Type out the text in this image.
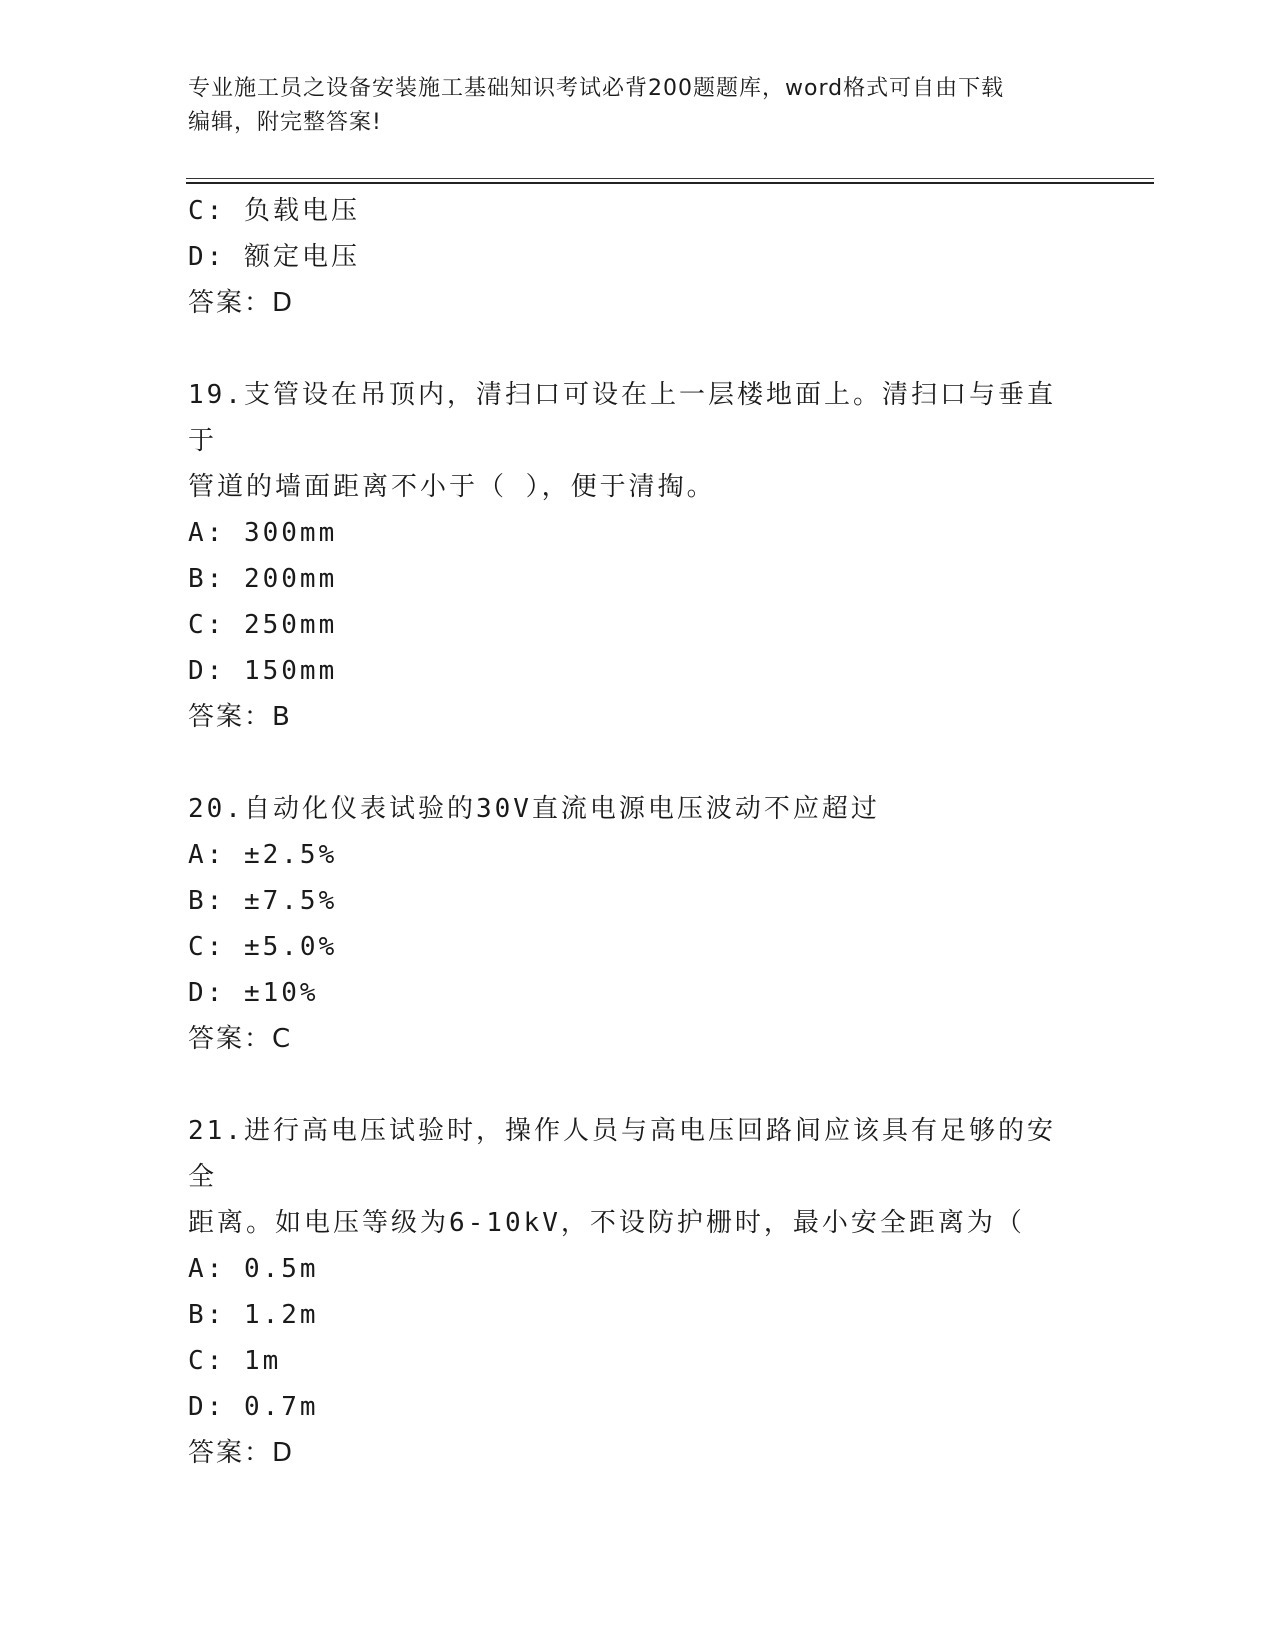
专业施工员之设备安装施工基础知识考试必背200题题库，word格式可自由下载
编辑，附完整答案!
C: 负载电压
D: 额定电压
答案：D
19.支管设在吊顶内，清扫口可设在上一层楼地面上。清扫口与垂直于
管道的墙面距离不小于（ ），便于清掏。
A: 300mm
B: 200mm
C: 250mm
D: 150mm
答案：B
20.自动化仪表试验的30V直流电源电压波动不应超过
A: ±2.5%
B: ±7.5%
C: ±5.0%
D: ±10%
答案：C
21.进行高电压试验时，操作人员与高电压回路间应该具有足够的安全
距离。如电压等级为6-10kV，不设防护栅时，最小安全距离为（
A: 0.5m
B: 1.2m
C: 1m
D: 0.7m
答案：D
